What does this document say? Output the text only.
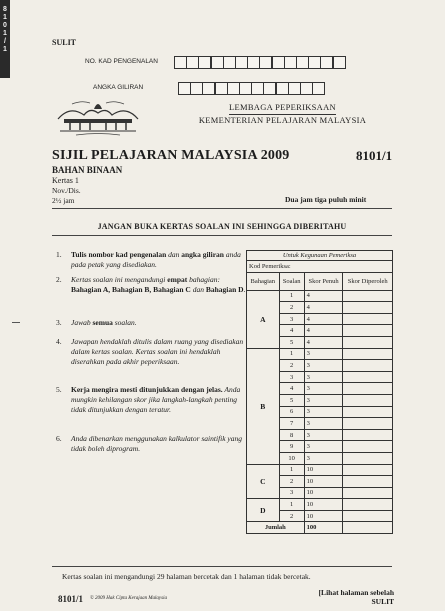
8
1
0
1
/
1
SULIT
NO. KAD PENGENALAN
ANGKA GILIRAN
LEMBAGA PEPERIKSAAN
KEMENTERIAN PELAJARAN MALAYSIA
SIJIL PELAJARAN MALAYSIA 2009	8101/1
BAHAN BINAAN
Kertas 1
Nov./Dis.
2½ jam	Dua jam tiga puluh minit
JANGAN BUKA KERTAS SOALAN INI SEHINGGA DIBERITAHU
1. Tulis nombor kad pengenalan dan angka giliran anda pada petak yang disediakan.
2. Kertas soalan ini mengandungi empat bahagian: Bahagian A, Bahagian B, Bahagian C dan Bahagian D.
3. Jawab semua soalan.
4. Jawapan hendaklah ditulis dalam ruang yang disediakan dalam kertas soalan. Kertas soalan ini hendaklah diserahkan pada akhir peperiksaan.
5. Kerja mengira mesti ditunjukkan dengan jelas. Anda mungkin kehilangan skor jika langkah-langkah penting tidak ditunjukkan dengan teratur.
6. Anda dibenarkan menggunakan kalkulator saintifik yang tidak boleh diprogram.
Untuk Kegunaan Pemeriksa			
Kod Pemeriksa:			
Bahagian	Soalan	Skor Penuh	Skor Diperoleh
A	1	4	
	2	4	
	3	4	
	4	4	
	5	4	
B	1	3	
	2	3	
	3	3	
	4	3	
	5	3	
	6	3	
	7	3	
	8	3	
	9	3	
	10	3	
C	1	10	
	2	10	
	3	10	
D	1	10	
	2	10	
Jumlah		100	
Kertas soalan ini mengandungi 29 halaman bercetak dan 1 halaman tidak bercetak.
8101/1 © 2009 Hak Cipta Kerajaan Malaysia
[Lihat halaman sebelah
SULIT
